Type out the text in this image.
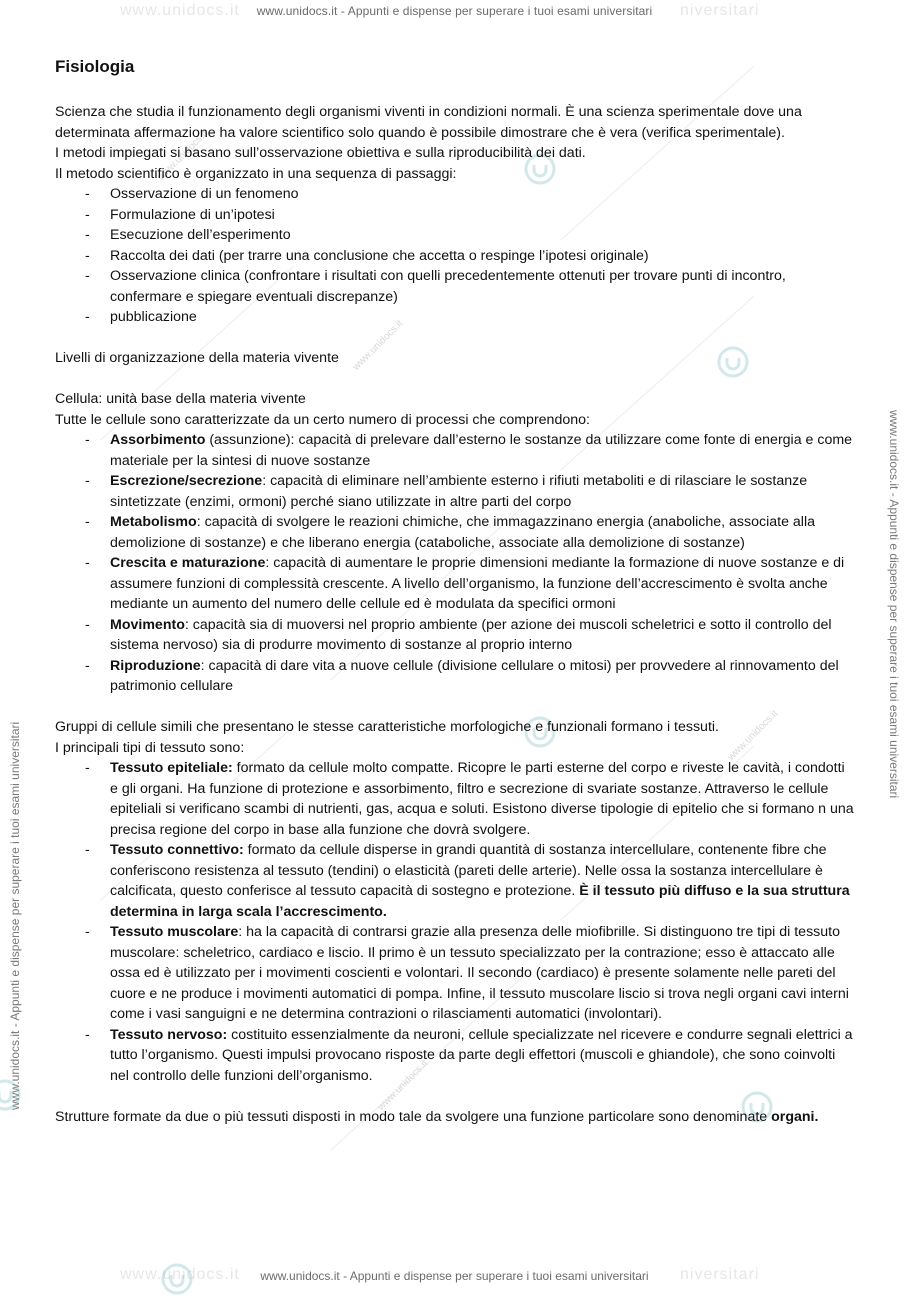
www.unidocs.it	niversitari
www.unidocs.it - Appunti e dispense per superare i tuoi esami universitari
www.unidocs.it	niversitari
www.unidocs.it - Appunti e dispense per superare i tuoi esami universitari
www.unidocs.it - Appunti e dispense per superare i tuoi esami universitari
www.unidocs.it - Appunti e dispense per superare i tuoi esami universitari
www.unidocs.it
www.unidocs.it
www.unidocs.it
www.unidocs.it
Fisiologia

Scienza che studia il funzionamento degli organismi viventi in condizioni normali. È una scienza sperimentale dove una determinata affermazione ha valore scientifico solo quando è possibile dimostrare che è vera (verifica sperimentale).

I metodi impiegati si basano sull’osservazione obiettiva e sulla riproducibilità dei dati.

Il metodo scientifico è organizzato in una sequenza di passaggi:

- Osservazione di un fenomeno
- Formulazione di un’ipotesi
- Esecuzione dell’esperimento
- Raccolta dei dati (per trarre una conclusione che accetta o respinge l’ipotesi originale)
- Osservazione clinica (confrontare i risultati con quelli precedentemente ottenuti per trovare punti di incontro, confermare e spiegare eventuali discrepanze)
- pubblicazione

Livelli di organizzazione della materia vivente

Cellula: unità base della materia vivente

Tutte le cellule sono caratterizzate da un certo numero di processi che comprendono:

- Assorbimento (assunzione): capacità di prelevare dall’esterno le sostanze da utilizzare come fonte di energia e come materiale per la sintesi di nuove sostanze
- Escrezione/secrezione: capacità di eliminare nell’ambiente esterno i rifiuti metaboliti e di rilasciare le sostanze sintetizzate (enzimi, ormoni) perché siano utilizzate in altre parti del corpo
- Metabolismo: capacità di svolgere le reazioni chimiche, che immagazzinano energia (anaboliche, associate alla demolizione di sostanze) e che liberano energia (cataboliche, associate alla demolizione di sostanze)
- Crescita e maturazione: capacità di aumentare le proprie dimensioni mediante la formazione di nuove sostanze e di assumere funzioni di complessità crescente. A livello dell’organismo, la funzione dell’accrescimento è svolta anche mediante un aumento del numero delle cellule ed è modulata da specifici ormoni
- Movimento: capacità sia di muoversi nel proprio ambiente (per azione dei muscoli scheletrici e sotto il controllo del sistema nervoso) sia di produrre movimento di sostanze al proprio interno
- Riproduzione: capacità di dare vita a nuove cellule (divisione cellulare o mitosi) per provvedere al rinnovamento del patrimonio cellulare

Gruppi di cellule simili che presentano le stesse caratteristiche morfologiche e funzionali formano i tessuti.

I principali tipi di tessuto sono:

- Tessuto epiteliale: formato da cellule molto compatte. Ricopre le parti esterne del corpo e riveste le cavità, i condotti e gli organi. Ha funzione di protezione e assorbimento, filtro e secrezione di svariate sostanze. Attraverso le cellule epiteliali si verificano scambi di nutrienti, gas, acqua e soluti. Esistono diverse tipologie di epitelio che si formano n una precisa regione del corpo in base alla funzione che dovrà svolgere.
- Tessuto connettivo: formato da cellule disperse in grandi quantità di sostanza intercellulare, contenente fibre che conferiscono resistenza al tessuto (tendini) o elasticità (pareti delle arterie). Nelle ossa la sostanza intercellulare è calcificata, questo conferisce al tessuto capacità di sostegno e protezione. È il tessuto più diffuso e la sua struttura determina in larga scala l’accrescimento.
- Tessuto muscolare: ha la capacità di contrarsi grazie alla presenza delle miofibrille. Si distinguono tre tipi di tessuto muscolare: scheletrico, cardiaco e liscio. Il primo è un tessuto specializzato per la contrazione; esso è attaccato alle ossa ed è utilizzato per i movimenti coscienti e volontari. Il secondo (cardiaco) è presente solamente nelle pareti del cuore e ne produce i movimenti automatici di pompa. Infine, il tessuto muscolare liscio si trova negli organi cavi interni come i vasi sanguigni e ne determina contrazioni o rilasciamenti automatici (involontari).
- Tessuto nervoso: costituito essenzialmente da neuroni, cellule specializzate nel ricevere e condurre segnali elettrici a tutto l’organismo. Questi impulsi provocano risposte da parte degli effettori (muscoli e ghiandole), che sono coinvolti nel controllo delle funzioni dell’organismo.

Strutture formate da due o più tessuti disposti in modo tale da svolgere una funzione particolare sono denominate organi.
